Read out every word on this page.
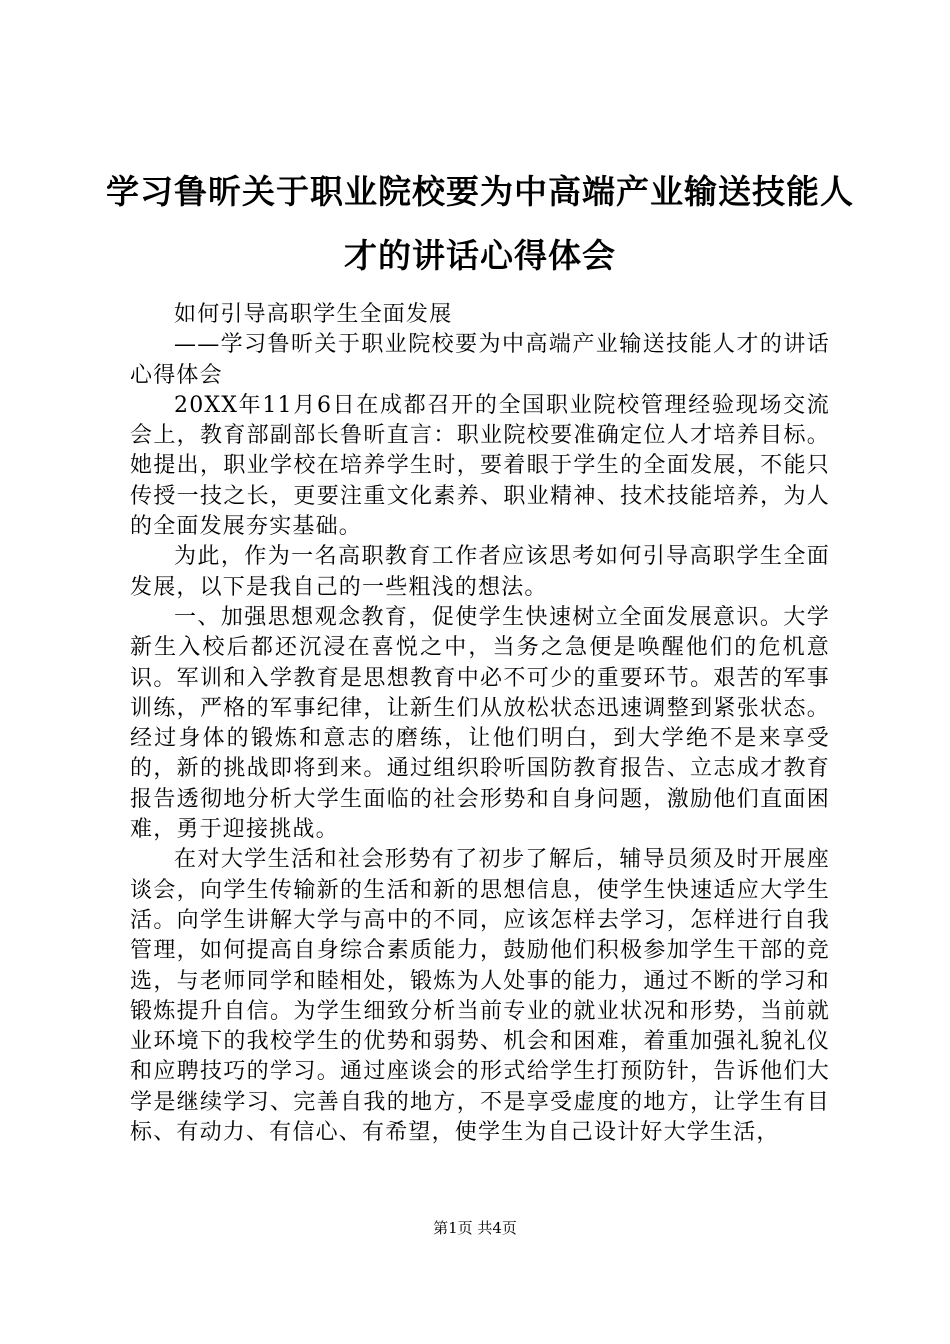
学习鲁昕关于职业院校要为中高端产业输送技能人才的讲话心得体会

如何引导高职学生全面发展

——学习鲁昕关于职业院校要为中高端产业输送技能人才的讲话心得体会

20XX年11月6日在成都召开的全国职业院校管理经验现场交流会上，教育部副部长鲁昕直言：职业院校要准确定位人才培养目标。她提出，职业学校在培养学生时，要着眼于学生的全面发展，不能只传授一技之长，更要注重文化素养、职业精神、技术技能培养，为人的全面发展夯实基础。

为此，作为一名高职教育工作者应该思考如何引导高职学生全面发展，以下是我自己的一些粗浅的想法。

一、加强思想观念教育，促使学生快速树立全面发展意识。大学新生入校后都还沉浸在喜悦之中，当务之急便是唤醒他们的危机意识。军训和入学教育是思想教育中必不可少的重要环节。艰苦的军事训练，严格的军事纪律，让新生们从放松状态迅速调整到紧张状态。经过身体的锻炼和意志的磨练，让他们明白，到大学绝不是来享受的，新的挑战即将到来。通过组织聆听国防教育报告、立志成才教育报告透彻地分析大学生面临的社会形势和自身问题，激励他们直面困难，勇于迎接挑战。

在对大学生活和社会形势有了初步了解后，辅导员须及时开展座谈会，向学生传输新的生活和新的思想信息，使学生快速适应大学生活。向学生讲解大学与高中的不同，应该怎样去学习，怎样进行自我管理，如何提高自身综合素质能力，鼓励他们积极参加学生干部的竞选，与老师同学和睦相处，锻炼为人处事的能力，通过不断的学习和锻炼提升自信。为学生细致分析当前专业的就业状况和形势，当前就业环境下的我校学生的优势和弱势、机会和困难，着重加强礼貌礼仪和应聘技巧的学习。通过座谈会的形式给学生打预防针，告诉他们大学是继续学习、完善自我的地方，不是享受虚度的地方，让学生有目标、有动力、有信心、有希望，使学生为自己设计好大学生活，

第1页 共4页
